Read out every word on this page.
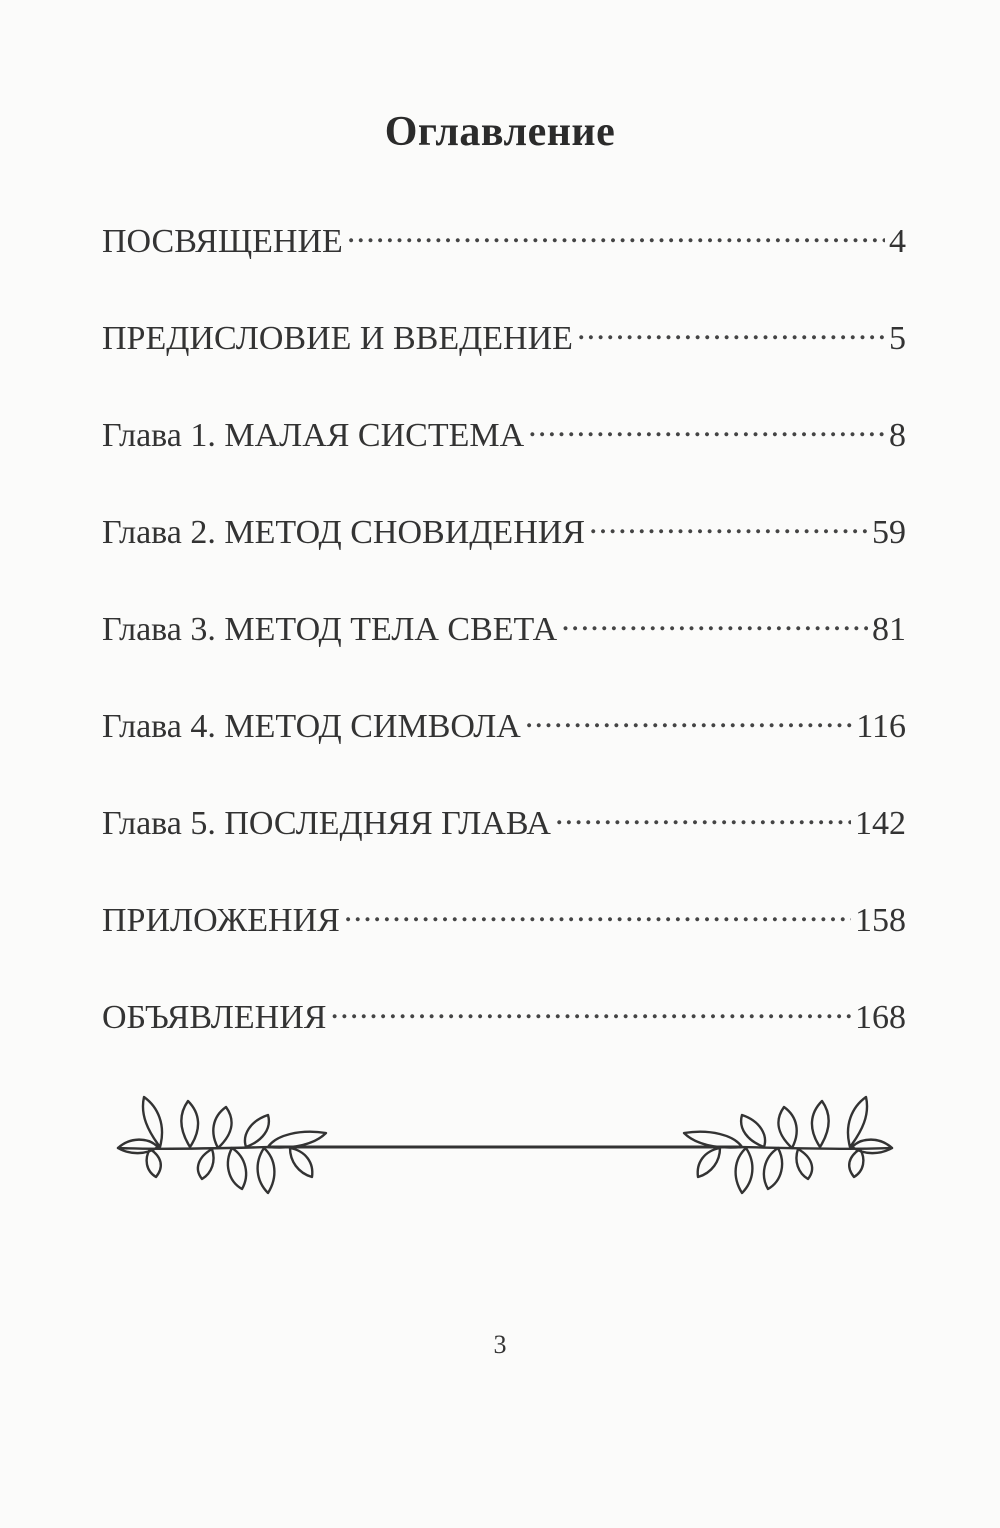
Оглавление
ПОСВЯЩЕНИЕ .....	4
ПРЕДИСЛОВИЕ И ВВЕДЕНИЕ .....	5
Глава 1. МАЛАЯ СИСТЕМА .....	8
Глава 2. МЕТОД СНОВИДЕНИЯ .....	59
Глава 3. МЕТОД ТЕЛА СВЕТА .....	81
Глава 4. МЕТОД СИМВОЛА .....	116
Глава 5. ПОСЛЕДНЯЯ ГЛАВА .....	142
ПРИЛОЖЕНИЯ .....	158
ОБЪЯВЛЕНИЯ .....	168
3
